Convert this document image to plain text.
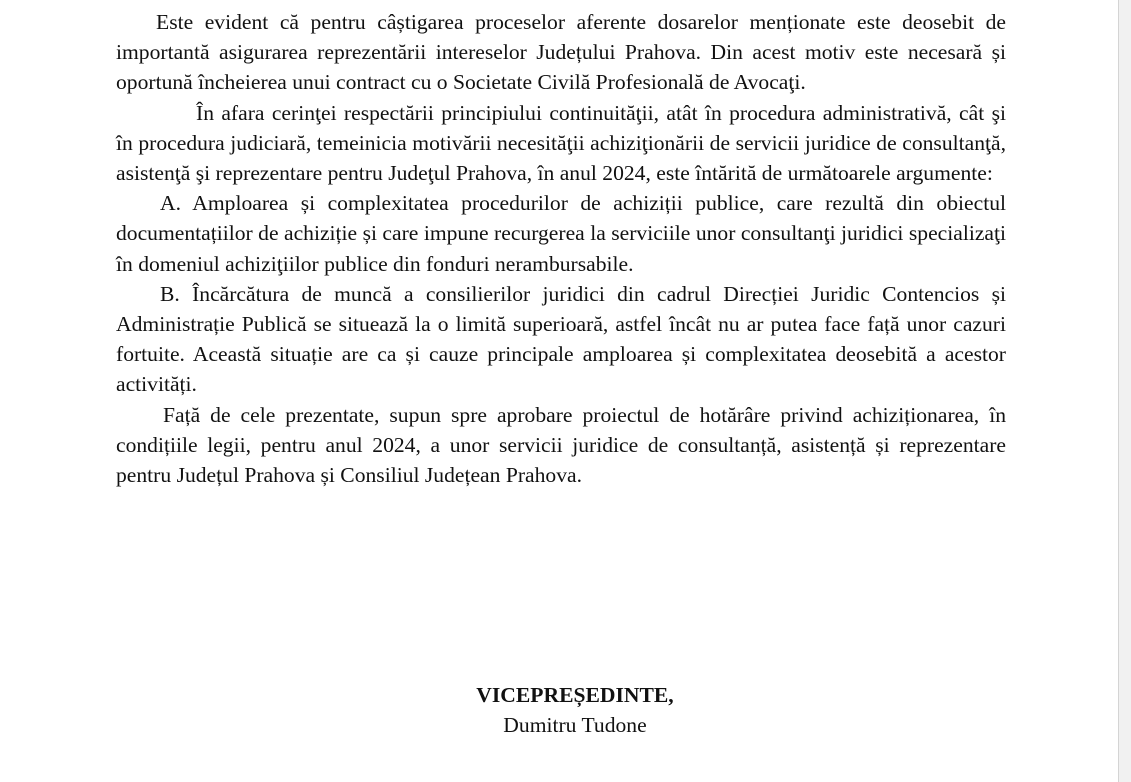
Este evident că pentru câștigarea proceselor aferente dosarelor menționate este deosebit de importantă asigurarea reprezentării intereselor Județului Prahova. Din acest motiv este necesară și oportună încheierea unui contract cu o Societate Civilă Profesională de Avocaţi.

În afara cerinţei respectării principiului continuităţii, atât în procedura administrativă, cât şi în procedura judiciară, temeinicia motivării necesităţii achiziţionării de servicii juridice de consultanţă, asistenţă şi reprezentare pentru Judeţul Prahova, în anul 2024, este întărită de următoarele argumente:

A. Amploarea și complexitatea procedurilor de achiziții publice, care rezultă din obiectul documentațiilor de achiziție și care impune recurgerea la serviciile unor consultanţi juridici specializaţi în domeniul achiziţiilor publice din fonduri nerambursabile.

B. Încărcătura de muncă a consilierilor juridici din cadrul Direcției Juridic Contencios și Administrație Publică se situează la o limită superioară, astfel încât nu ar putea face față unor cazuri fortuite. Această situație are ca și cauze principale amploarea și complexitatea deosebită a acestor activități.

Față de cele prezentate, supun spre aprobare proiectul de hotărâre privind achiziționarea, în condițiile legii, pentru anul 2024, a unor servicii juridice de consultanță, asistență și reprezentare pentru Județul Prahova și Consiliul Județean Prahova.

VICEPREȘEDINTE,
Dumitru Tudone
